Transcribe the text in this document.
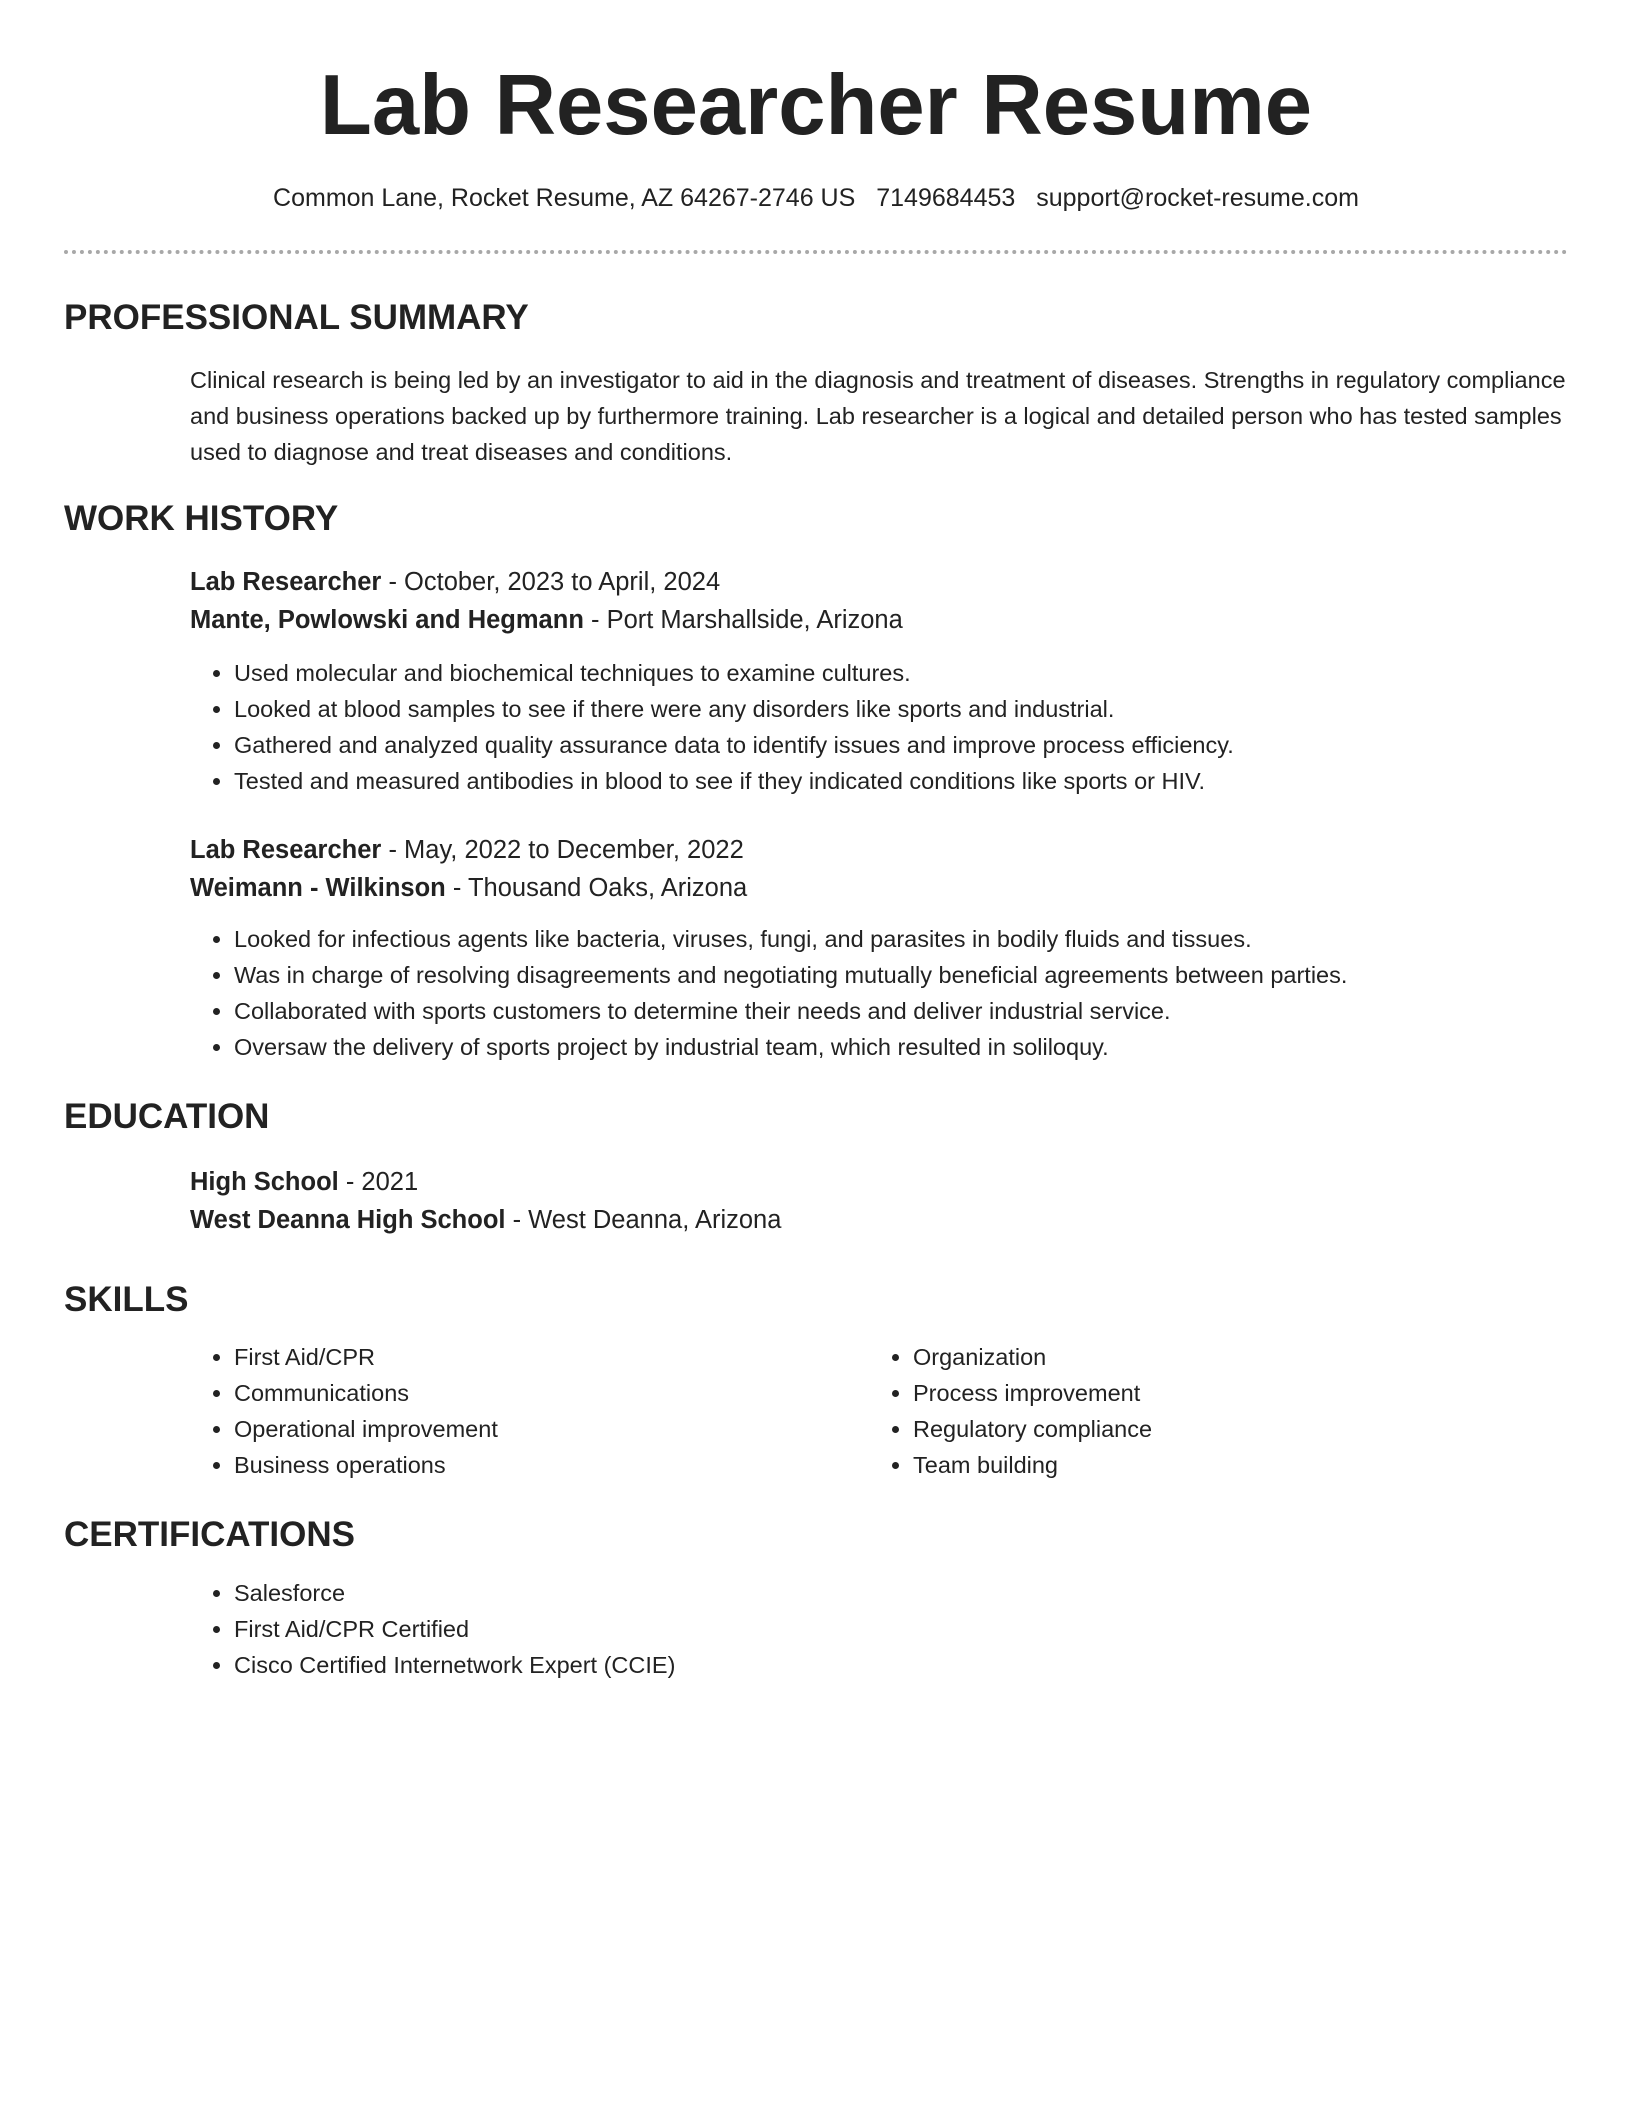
Lab Researcher Resume
Common Lane, Rocket Resume, AZ 64267-2746 US 7149684453 support@rocket-resume.com
PROFESSIONAL SUMMARY

Clinical research is being led by an investigator to aid in the diagnosis and treatment of diseases. Strengths in regulatory compliance and business operations backed up by furthermore training. Lab researcher is a logical and detailed person who has tested samples used to diagnose and treat diseases and conditions.

WORK HISTORY

Lab Researcher - October, 2023 to April, 2024

Mante, Powlowski and Hegmann - Port Marshallside, Arizona

• Used molecular and biochemical techniques to examine cultures.
• Looked at blood samples to see if there were any disorders like sports and industrial.
• Gathered and analyzed quality assurance data to identify issues and improve process efficiency.
• Tested and measured antibodies in blood to see if they indicated conditions like sports or HIV.

Lab Researcher - May, 2022 to December, 2022

Weimann - Wilkinson - Thousand Oaks, Arizona

• Looked for infectious agents like bacteria, viruses, fungi, and parasites in bodily fluids and tissues.
• Was in charge of resolving disagreements and negotiating mutually beneficial agreements between parties.
• Collaborated with sports customers to determine their needs and deliver industrial service.
• Oversaw the delivery of sports project by industrial team, which resulted in soliloquy.
EDUCATION

High School - 2021

West Deanna High School - West Deanna, Arizona

SKILLS
• First Aid/CPR
• Communications
• Operational improvement
• Business operations
• Organization
• Process improvement
• Regulatory compliance
• Team building
CERTIFICATIONS
• Salesforce
• First Aid/CPR Certified
• Cisco Certified Internetwork Expert (CCIE)
